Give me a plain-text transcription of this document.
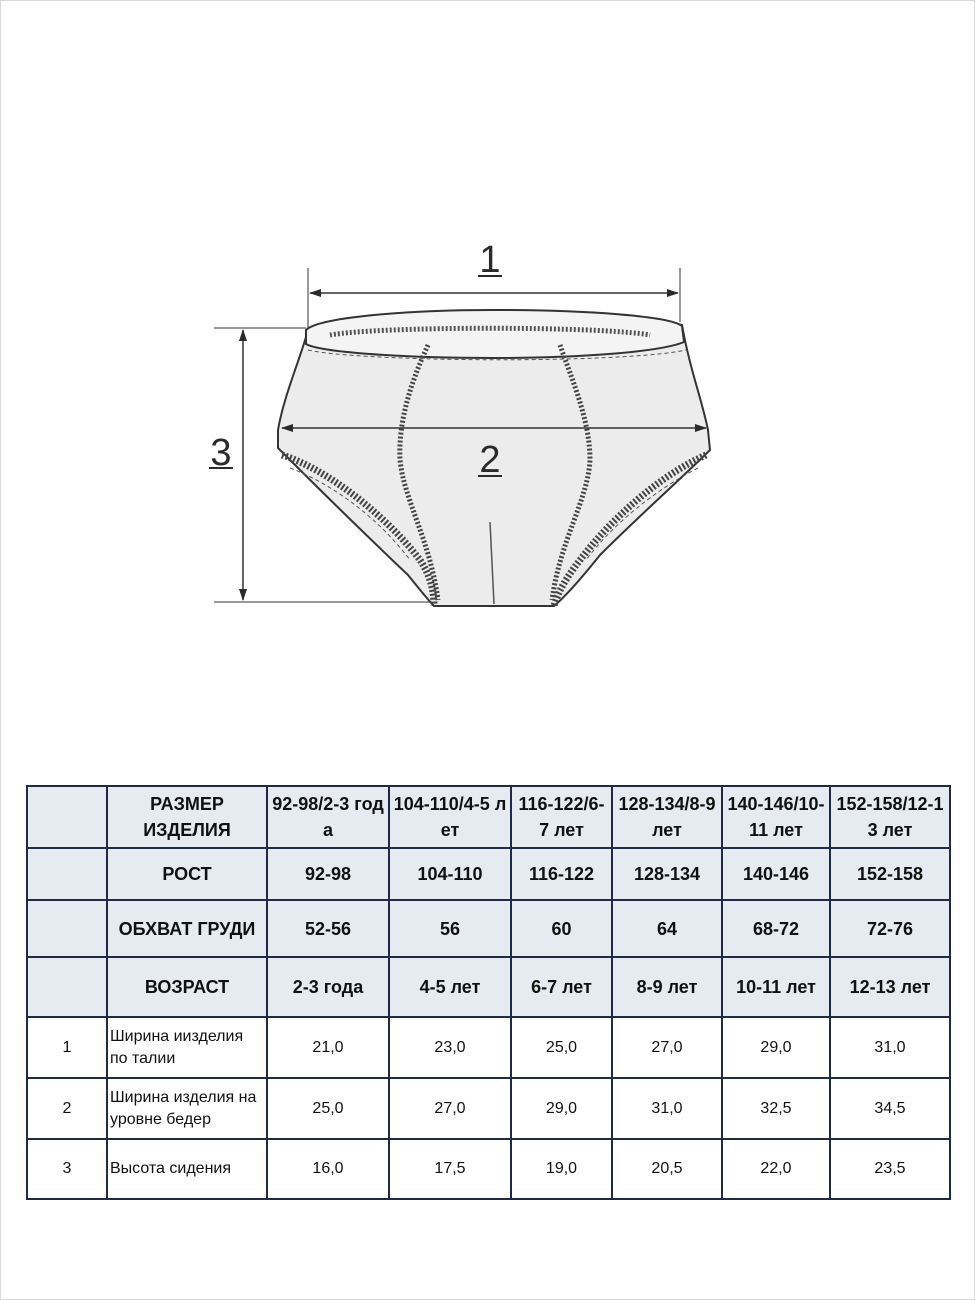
1
2
3
	РАЗМЕР ИЗДЕЛИЯ	92-98/2-3 года	104-110/4-5 лет	116-122/6-7 лет	128-134/8-9 лет	140-146/10-11 лет	152-158/12-13 лет
	РОСТ	92-98	104-110	116-122	128-134	140-146	152-158
	ОБХВАТ ГРУДИ	52-56	56	60	64	68-72	72-76
	ВОЗРАСТ	2-3 года	4-5 лет	6-7 лет	8-9 лет	10-11 лет	12-13 лет
1	Ширина иизделия по талии	21,0	23,0	25,0	27,0	29,0	31,0
2	Ширина изделия на уровне бедер	25,0	27,0	29,0	31,0	32,5	34,5
3	Высота сидения	16,0	17,5	19,0	20,5	22,0	23,5
